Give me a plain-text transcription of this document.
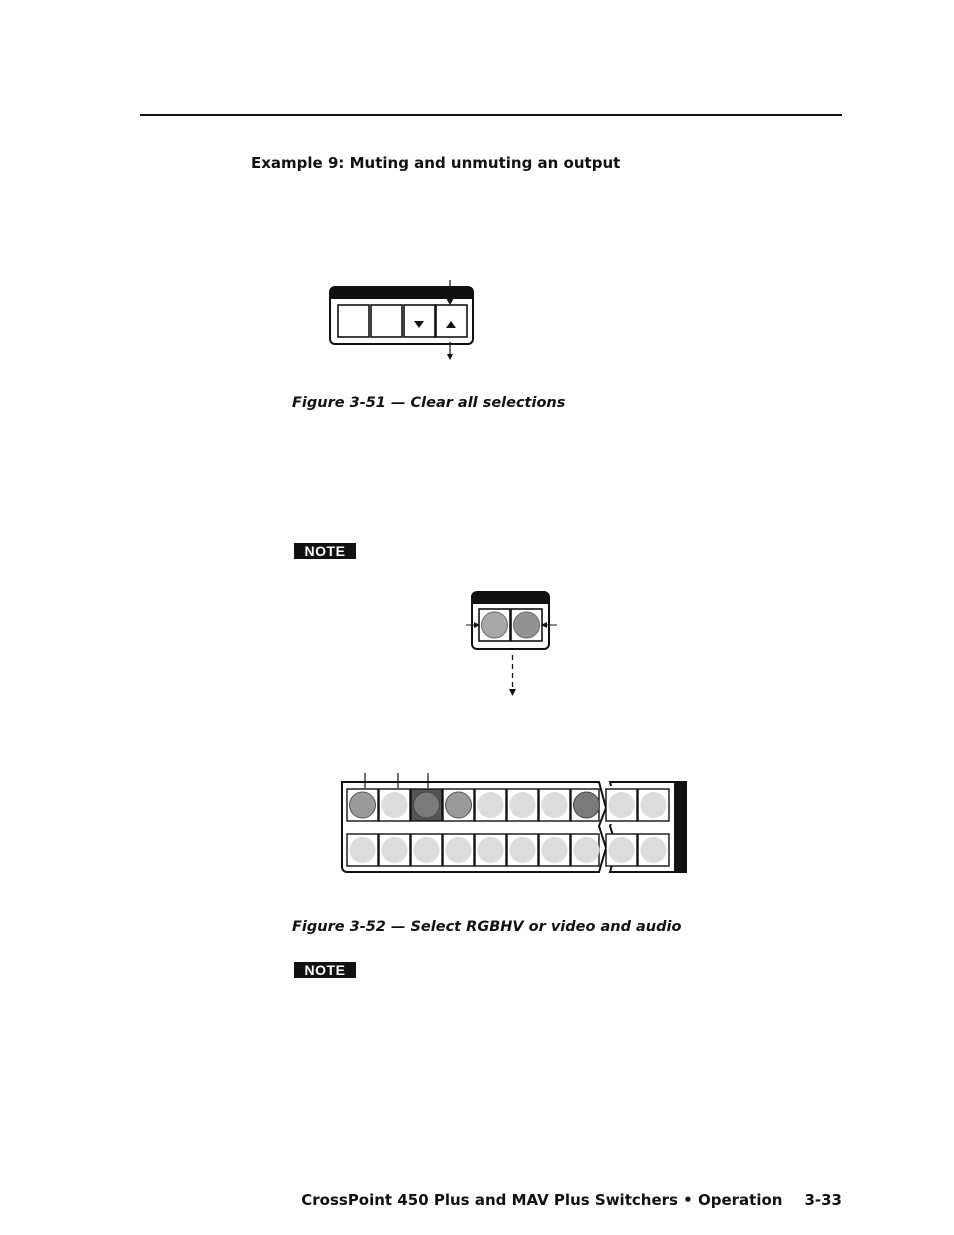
Example 9: Muting and unmuting an output
Figure 3-51 — Clear all selections
NOTE
Figure 3-52 — Select RGBHV or video and audio
NOTE
CrossPoint 450 Plus and MAV Plus Switchers • Operation 3-33
